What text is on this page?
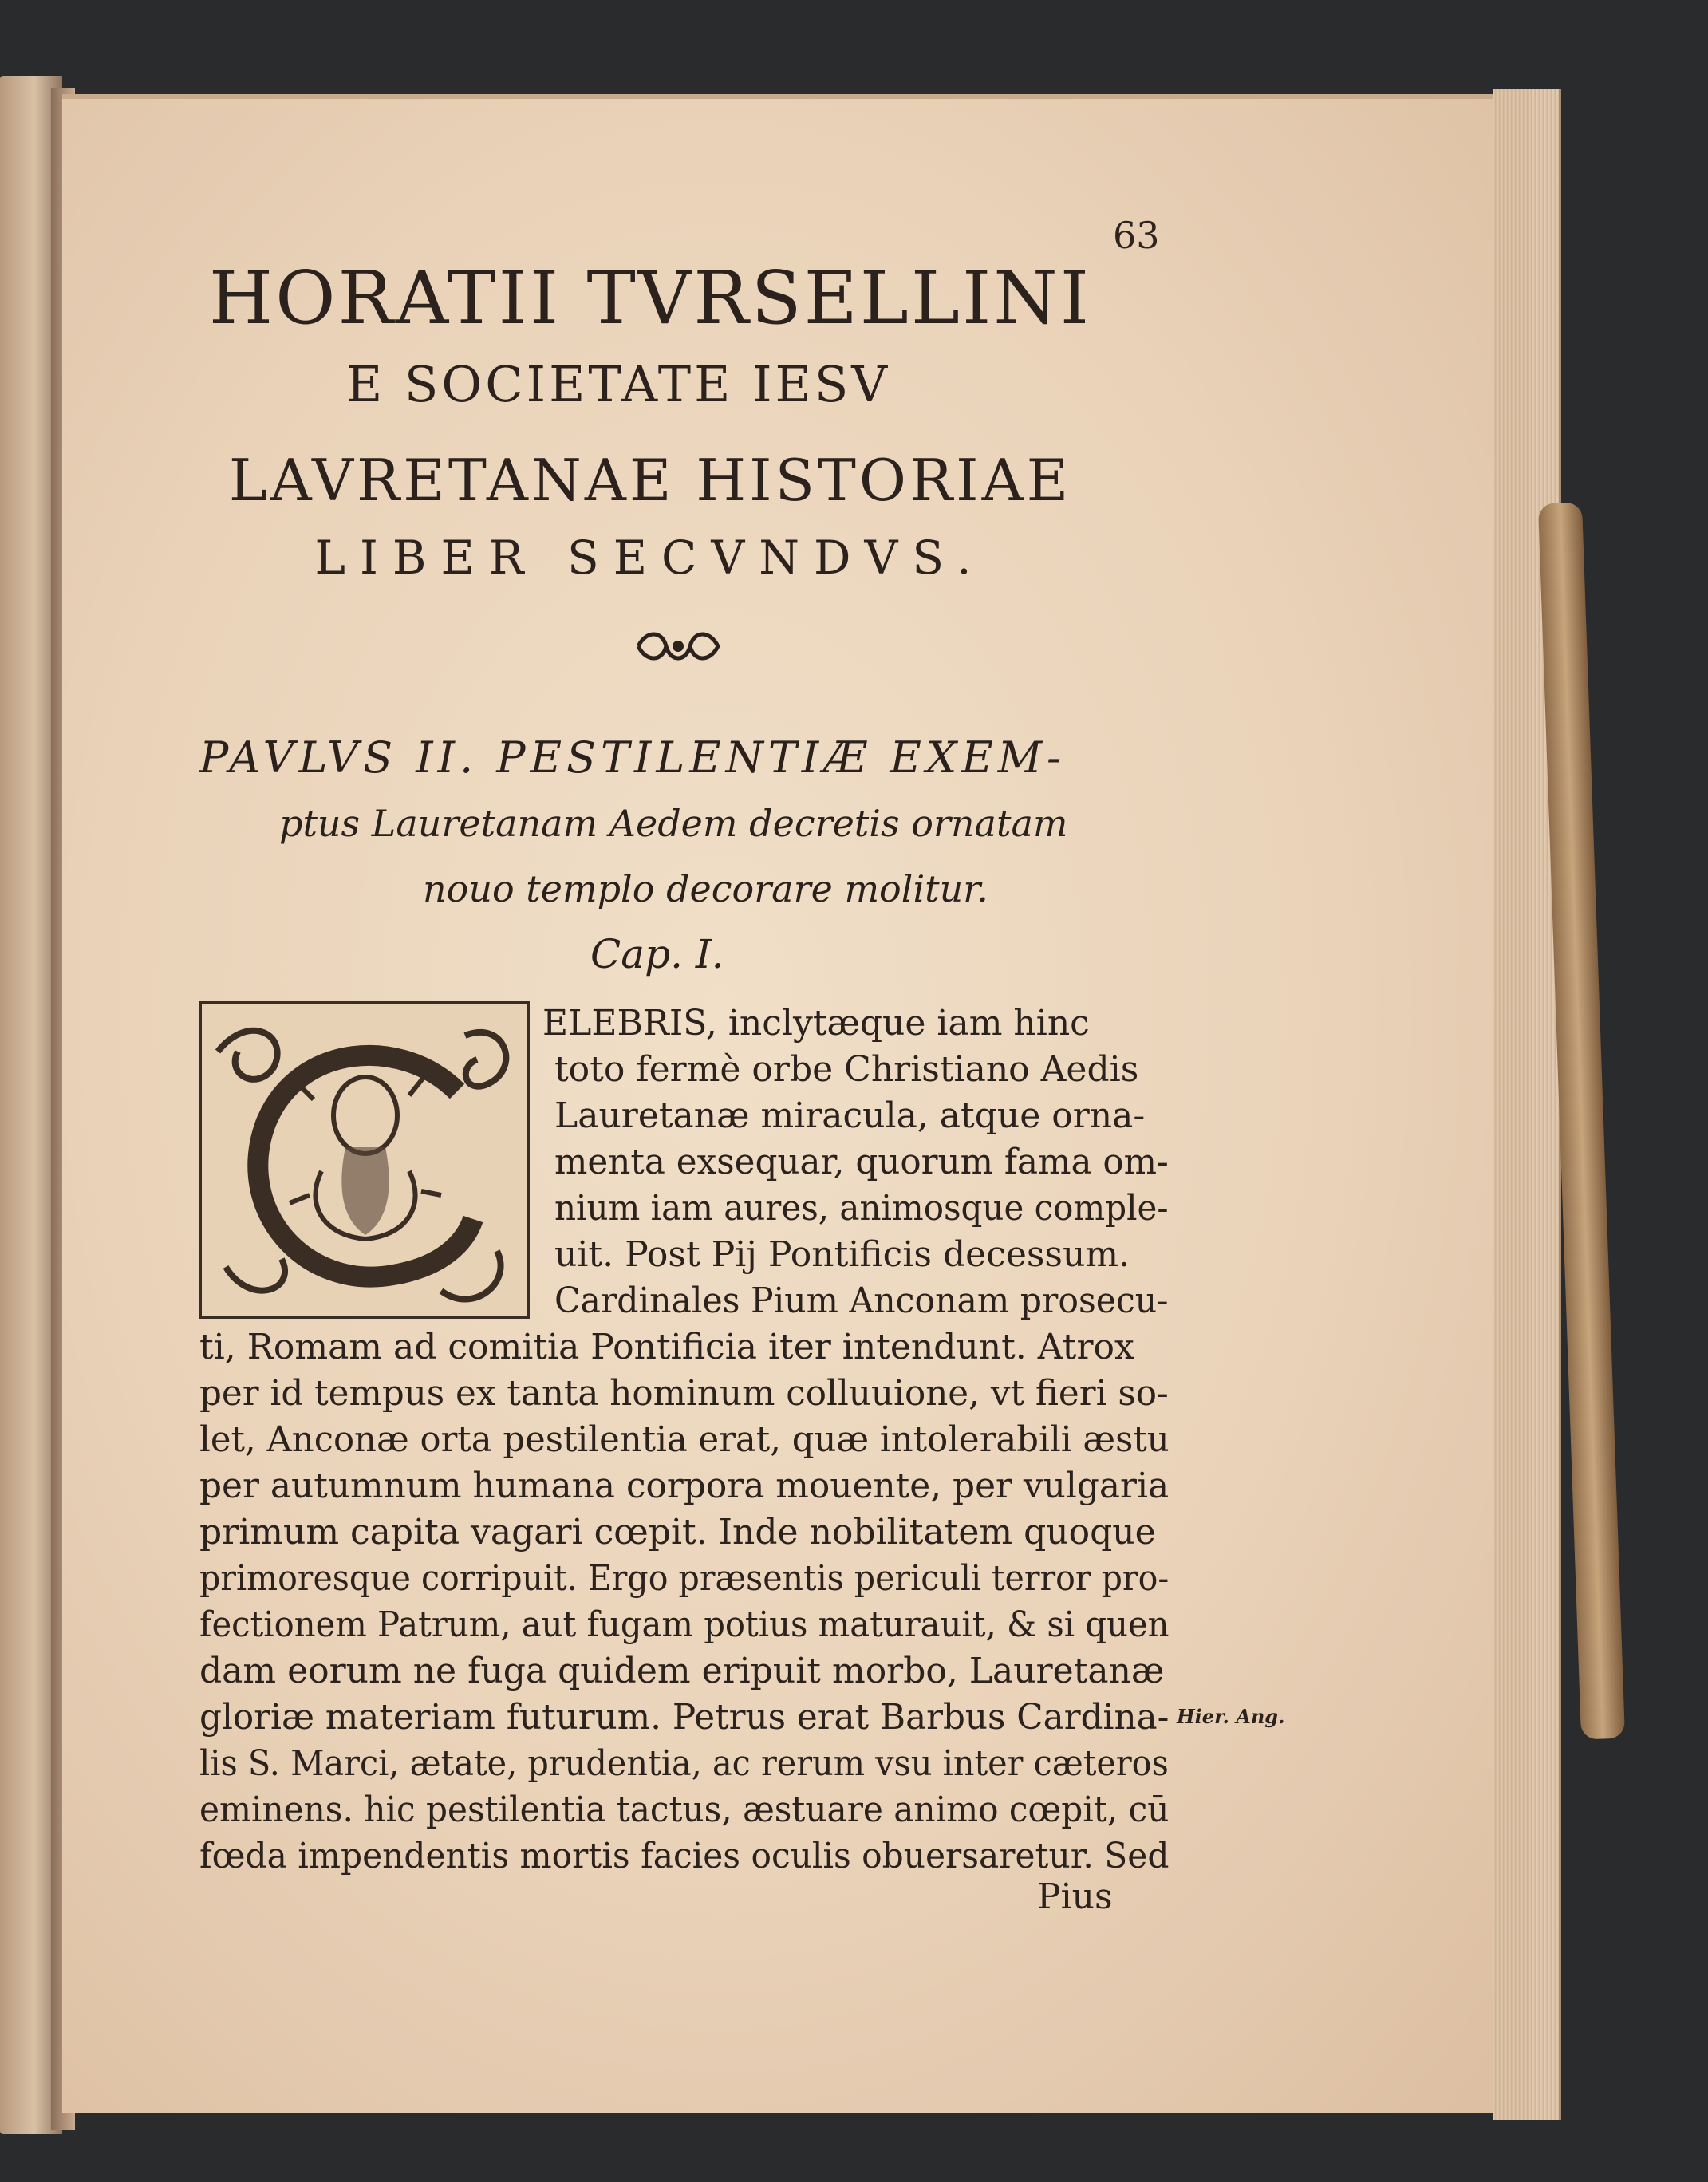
63
HORATII TVRSELLINI
E SOCIETATE IESV
LAVRETANAE HISTORIAE
LIBER SECVNDVS.
PAVLVS II. PESTILENTIÆ EXEM-
ptus Lauretanam Aedem decretis ornatam
nouo templo decorare molitur.
Cap. I.
ELEBRIS, inclytæque iam hinc
toto fermè orbe Christiano Aedis
Lauretanæ miracula, atque orna-
menta exsequar, quorum fama om-
nium iam aures, animosque comple-
uit. Post Pij Pontificis decessum.
Cardinales Pium Anconam prosecu-
ti, Romam ad comitia Pontificia iter intendunt. Atrox
per id tempus ex tanta hominum colluuione, vt fieri so-
let, Anconæ orta pestilentia erat, quæ intolerabili æstu
per autumnum humana corpora mouente, per vulgaria
primum capita vagari cœpit. Inde nobilitatem quoque
primoresque corripuit. Ergo præsentis periculi terror pro-
fectionem Patrum, aut fugam potius maturauit, & si quen
dam eorum ne fuga quidem eripuit morbo, Lauretanæ
gloriæ materiam futurum. Petrus erat Barbus Cardina-
lis S. Marci, ætate, prudentia, ac rerum vsu inter cæteros
eminens. hic pestilentia tactus, æstuare animo cœpit, cū
fœda impendentis mortis facies oculis obuersaretur. Sed
Pius
Hier. Ang.
